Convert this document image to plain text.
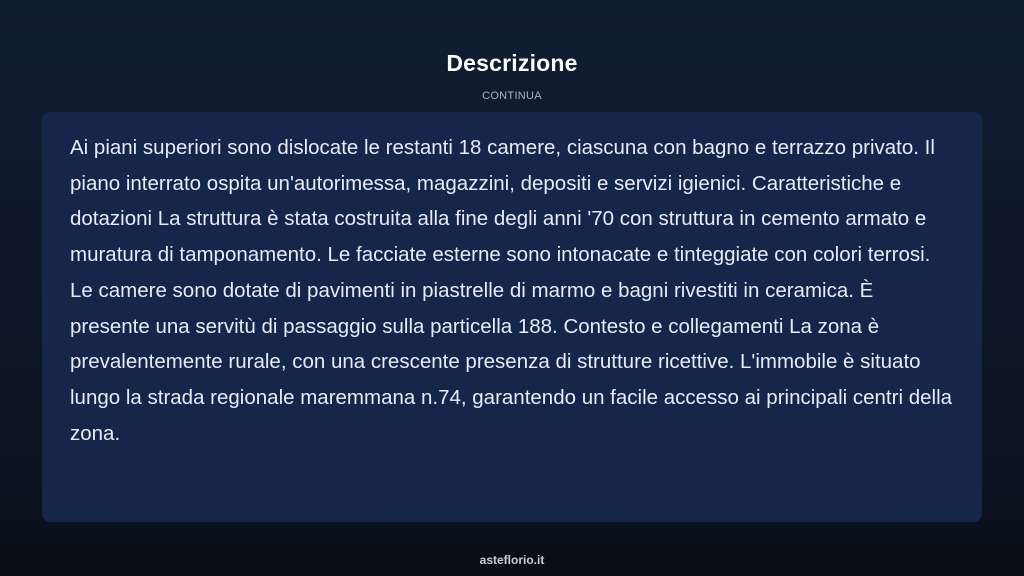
Descrizione
CONTINUA

Ai piani superiori sono dislocate le restanti 18 camere, ciascuna con bagno e terrazzo privato. Il piano interrato ospita un'autorimessa, magazzini, depositi e servizi igienici. Caratteristiche e dotazioni La struttura è stata costruita alla fine degli anni '70 con struttura in cemento armato e muratura di tamponamento. Le facciate esterne sono intonacate e tinteggiate con colori terrosi. Le camere sono dotate di pavimenti in piastrelle di marmo e bagni rivestiti in ceramica. È presente una servitù di passaggio sulla particella 188. Contesto e collegamenti La zona è prevalentemente rurale, con una crescente presenza di strutture ricettive. L'immobile è situato lungo la strada regionale maremmana n.74, garantendo un facile accesso ai principali centri della zona.

asteflorio.it
